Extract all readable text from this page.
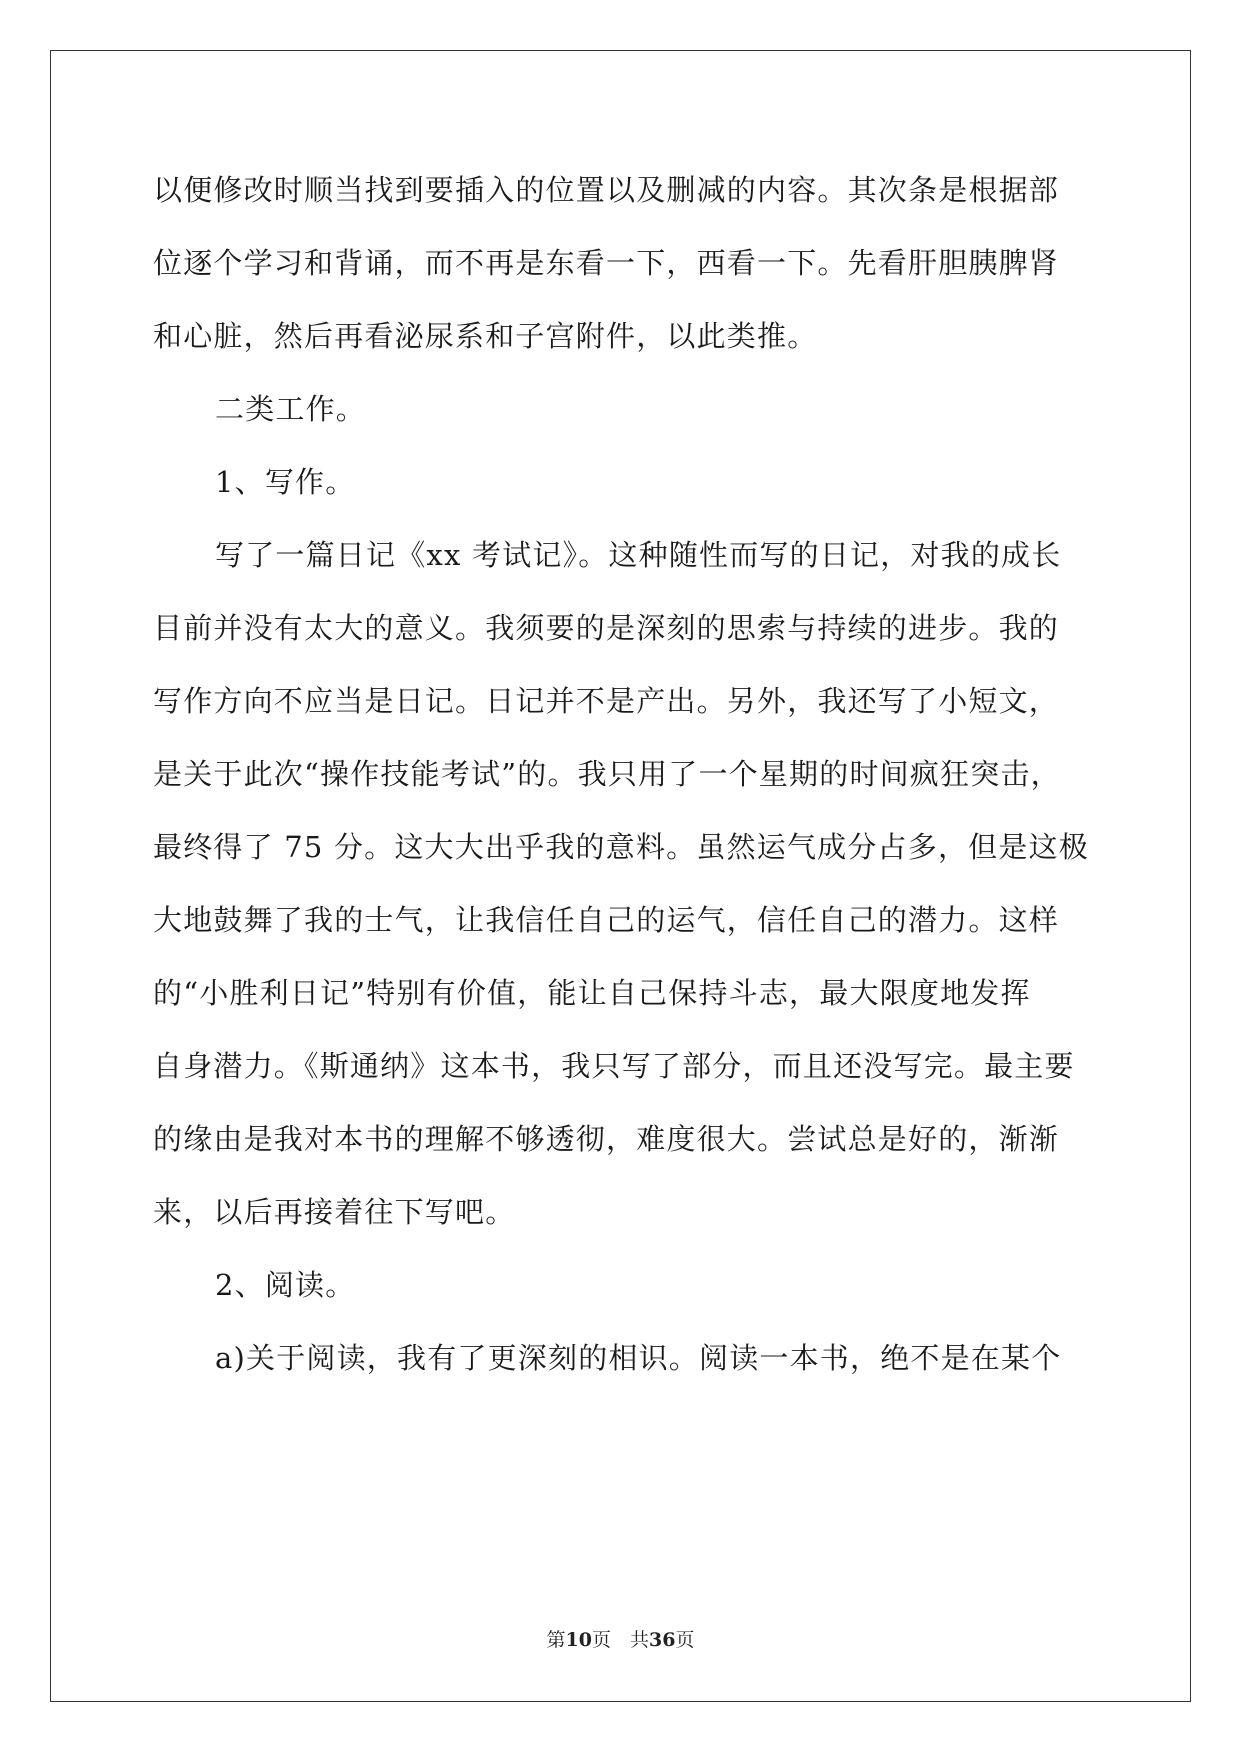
以便修改时顺当找到要插入的位置以及删减的内容。其次条是根据部
位逐个学习和背诵，而不再是东看一下，西看一下。先看肝胆胰脾肾
和心脏，然后再看泌尿系和子宫附件，以此类推。
二类工作。
1、写作。
写了一篇日记《xx 考试记》。这种随性而写的日记，对我的成长
目前并没有太大的意义。我须要的是深刻的思索与持续的进步。我的
写作方向不应当是日记。日记并不是产出。另外，我还写了小短文，
是关于此次“操作技能考试”的。我只用了一个星期的时间疯狂突击，
最终得了 75 分。这大大出乎我的意料。虽然运气成分占多，但是这极
大地鼓舞了我的士气，让我信任自己的运气，信任自己的潜力。这样
的“小胜利日记”特别有价值，能让自己保持斗志，最大限度地发挥
自身潜力。《斯通纳》这本书，我只写了部分，而且还没写完。最主要
的缘由是我对本书的理解不够透彻，难度很大。尝试总是好的，渐渐
来，以后再接着往下写吧。
2、阅读。
a)关于阅读，我有了更深刻的相识。阅读一本书，绝不是在某个
第10页　共36页
